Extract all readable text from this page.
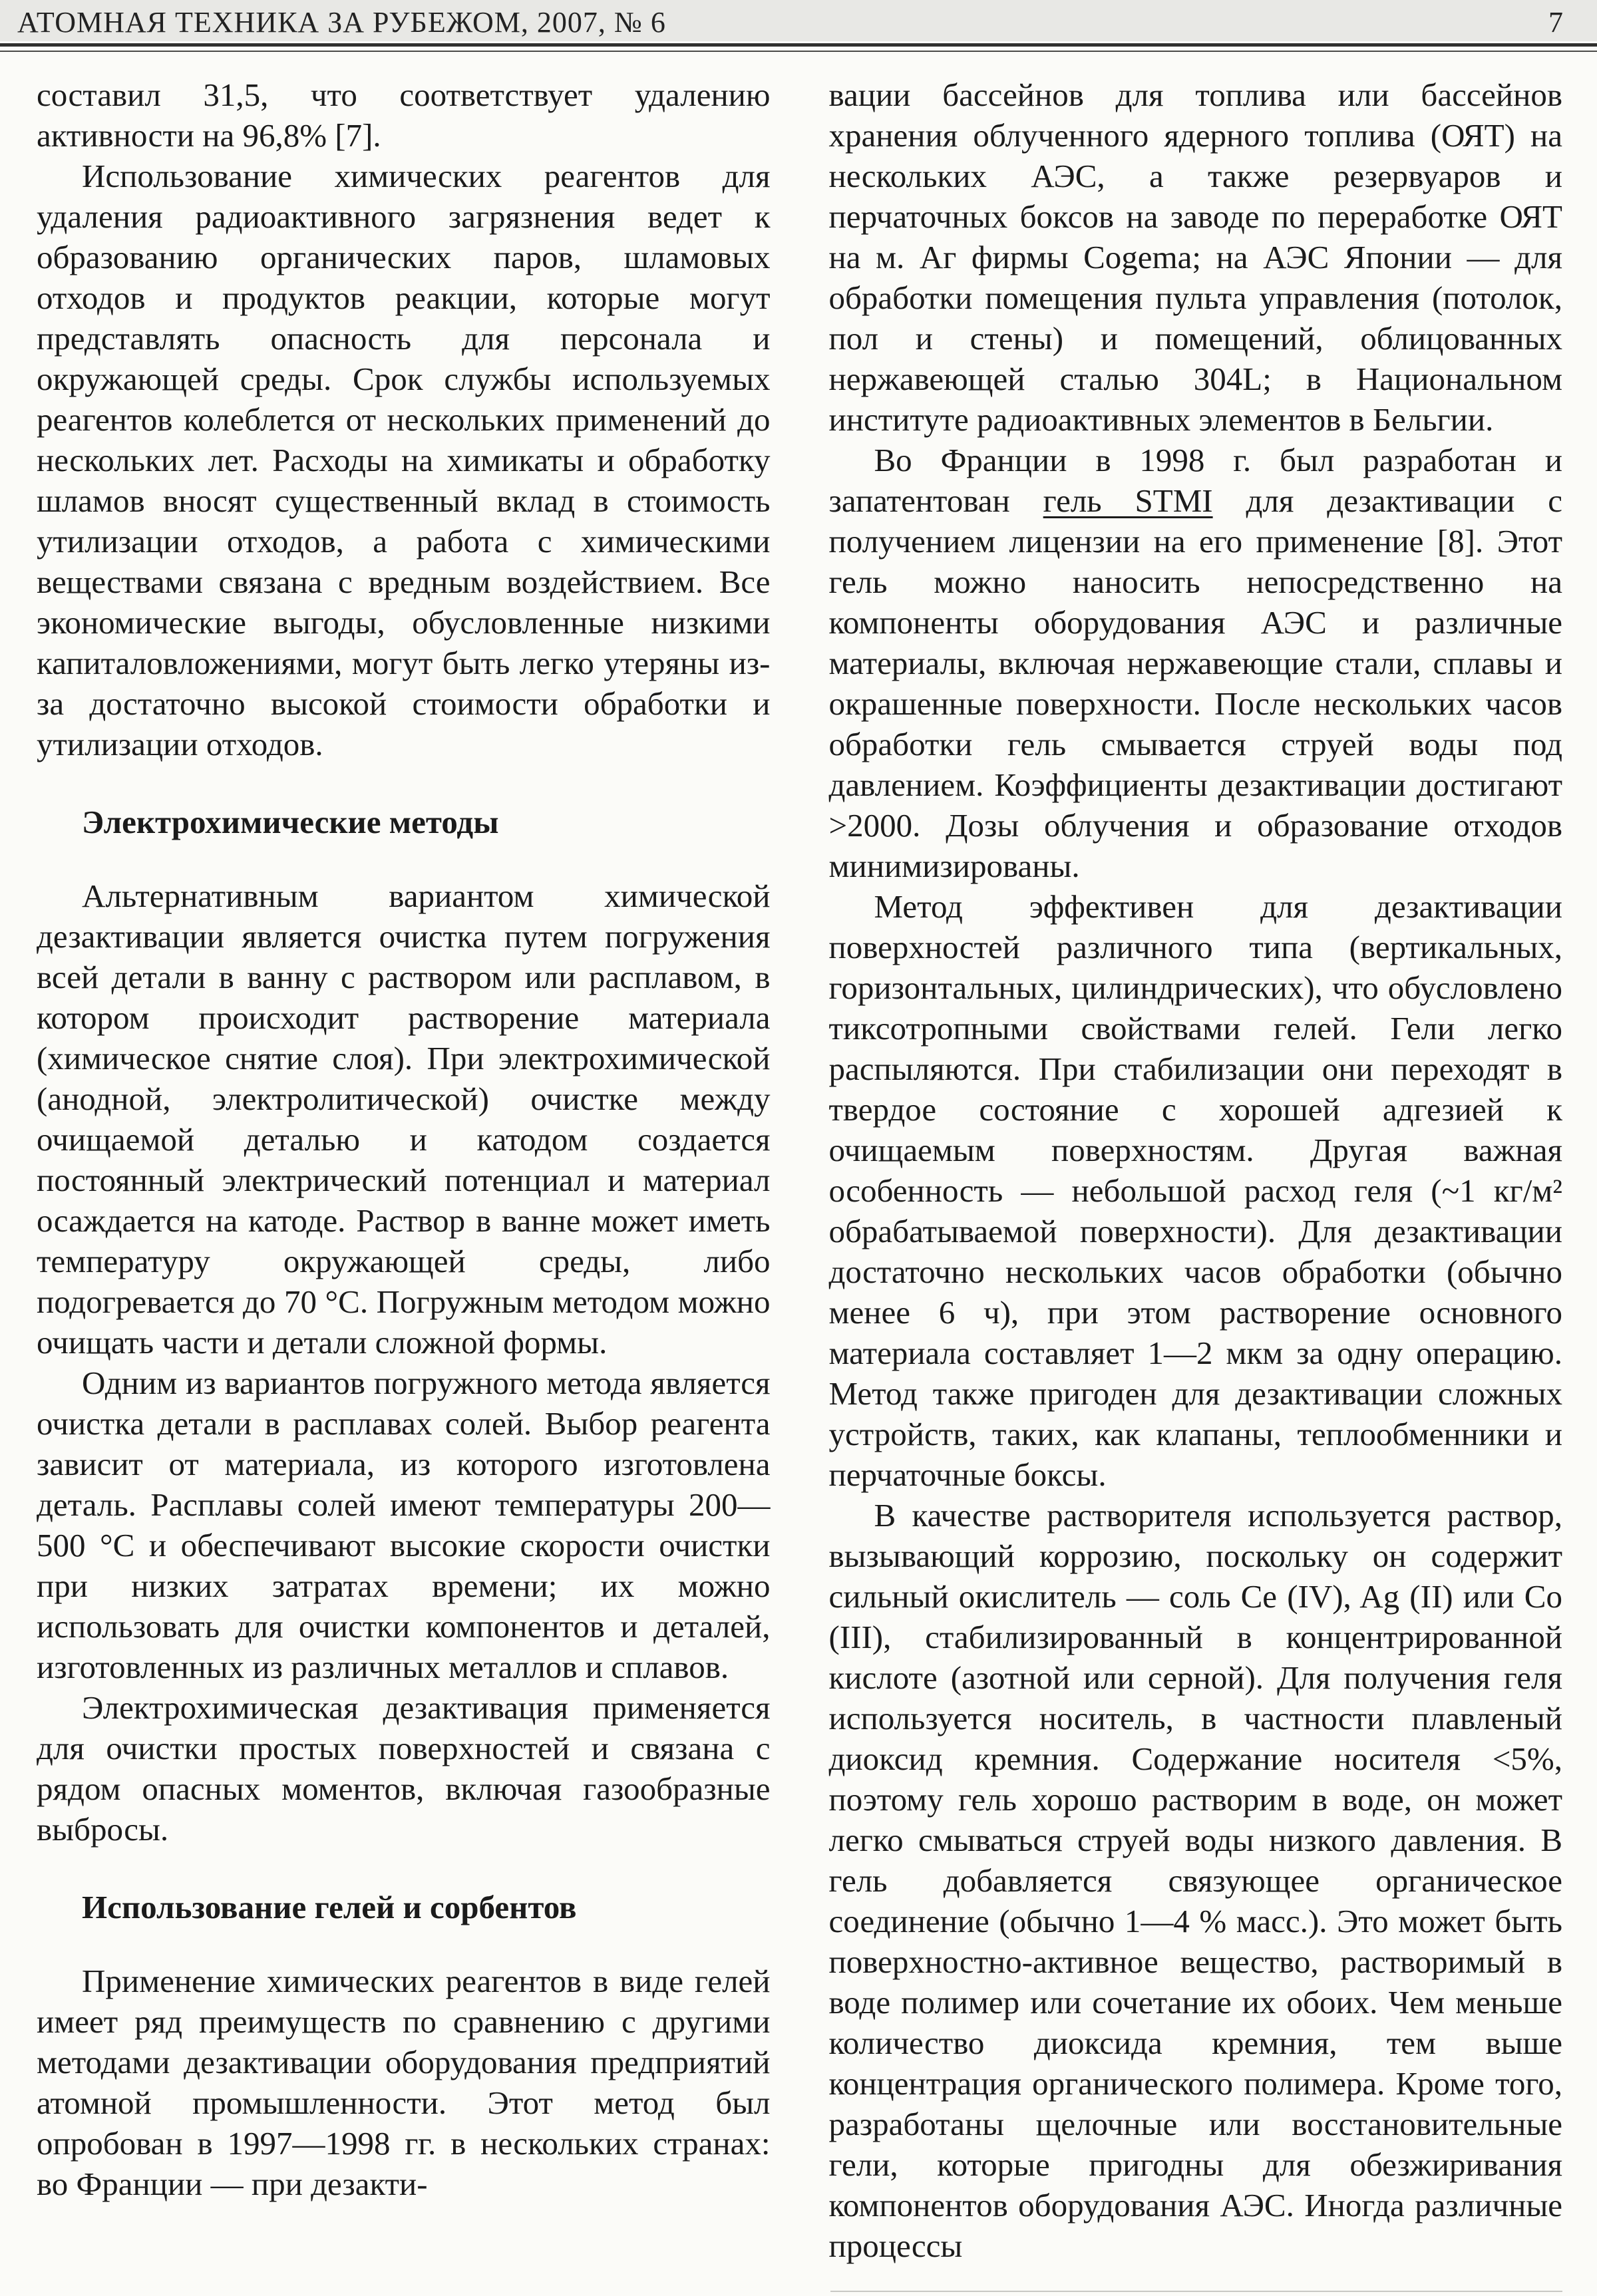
АТОМНАЯ ТЕХНИКА ЗА РУБЕЖОМ, 2007, № 6	7

составил 31,5, что соответствует удалению активности на 96,8% [7].

Использование химических реагентов для удаления радиоактивного загрязнения ведет к образованию органических паров, шламовых отходов и продуктов реакции, которые могут представлять опасность для персонала и окружающей среды. Срок службы используемых реагентов колеблется от нескольких применений до нескольких лет. Расходы на химикаты и обработку шламов вносят существенный вклад в стоимость утилизации отходов, а работа с химическими веществами связана с вредным воздействием. Все экономические выгоды, обусловленные низкими капиталовложениями, могут быть легко утеряны из-за достаточно высокой стоимости обработки и утилизации отходов.

Электрохимические методы

Альтернативным вариантом химической дезактивации является очистка путем погружения всей детали в ванну с раствором или расплавом, в котором происходит растворение материала (химическое снятие слоя). При электрохимической (анодной, электролитической) очистке между очищаемой деталью и катодом создается постоянный электрический потенциал и материал осаждается на катоде. Раствор в ванне может иметь температуру окружающей среды, либо подогревается до 70 °C. Погружным методом можно очищать части и детали сложной формы.

Одним из вариантов погружного метода является очистка детали в расплавах солей. Выбор реагента зависит от материала, из которого изготовлена деталь. Расплавы солей имеют температуры 200—500 °C и обеспечивают высокие скорости очистки при низких затратах времени; их можно использовать для очистки компонентов и деталей, изготовленных из различных металлов и сплавов.

Электрохимическая дезактивация применяется для очистки простых поверхностей и связана с рядом опасных моментов, включая газообразные выбросы.

Использование гелей и сорбентов

Применение химических реагентов в виде гелей имеет ряд преимуществ по сравнению с другими методами дезактивации оборудования предприятий атомной промышленности. Этот метод был опробован в 1997—1998 гг. в нескольких странах: во Франции — при дезакти-

вации бассейнов для топлива или бассейнов хранения облученного ядерного топлива (ОЯТ) на нескольких АЭС, а также резервуаров и перчаточных боксов на заводе по переработке ОЯТ на м. Аг фирмы Cogema; на АЭС Японии — для обработки помещения пульта управления (потолок, пол и стены) и помещений, облицованных нержавеющей сталью 304L; в Национальном институте радиоактивных элементов в Бельгии.

Во Франции в 1998 г. был разработан и запатентован гель STMI для дезактивации с получением лицензии на его применение [8]. Этот гель можно наносить непосредственно на компоненты оборудования АЭС и различные материалы, включая нержавеющие стали, сплавы и окрашенные поверхности. После нескольких часов обработки гель смывается струей воды под давлением. Коэффициенты дезактивации достигают >2000. Дозы облучения и образование отходов минимизированы.

Метод эффективен для дезактивации поверхностей различного типа (вертикальных, горизонтальных, цилиндрических), что обусловлено тиксотропными свойствами гелей. Гели легко распыляются. При стабилизации они переходят в твердое состояние с хорошей адгезией к очищаемым поверхностям. Другая важная особенность — небольшой расход геля (~1 кг/м² обрабатываемой поверхности). Для дезактивации достаточно нескольких часов обработки (обычно менее 6 ч), при этом растворение основного материала составляет 1—2 мкм за одну операцию. Метод также пригоден для дезактивации сложных устройств, таких, как клапаны, теплообменники и перчаточные боксы.

В качестве растворителя используется раствор, вызывающий коррозию, поскольку он содержит сильный окислитель — соль Ce (IV), Ag (II) или Co (III), стабилизированный в концентрированной кислоте (азотной или серной). Для получения геля используется носитель, в частности плавленый диоксид кремния. Содержание носителя <5%, поэтому гель хорошо растворим в воде, он может легко смываться струей воды низкого давления. В гель добавляется связующее органическое соединение (обычно 1—4 % масс.). Это может быть поверхностно-активное вещество, растворимый в воде полимер или сочетание их обоих. Чем меньше количество диоксида кремния, тем выше концентрация органического полимера. Кроме того, разработаны щелочные или восстановительные гели, которые пригодны для обезжиривания компонентов оборудования АЭС. Иногда различные процессы
